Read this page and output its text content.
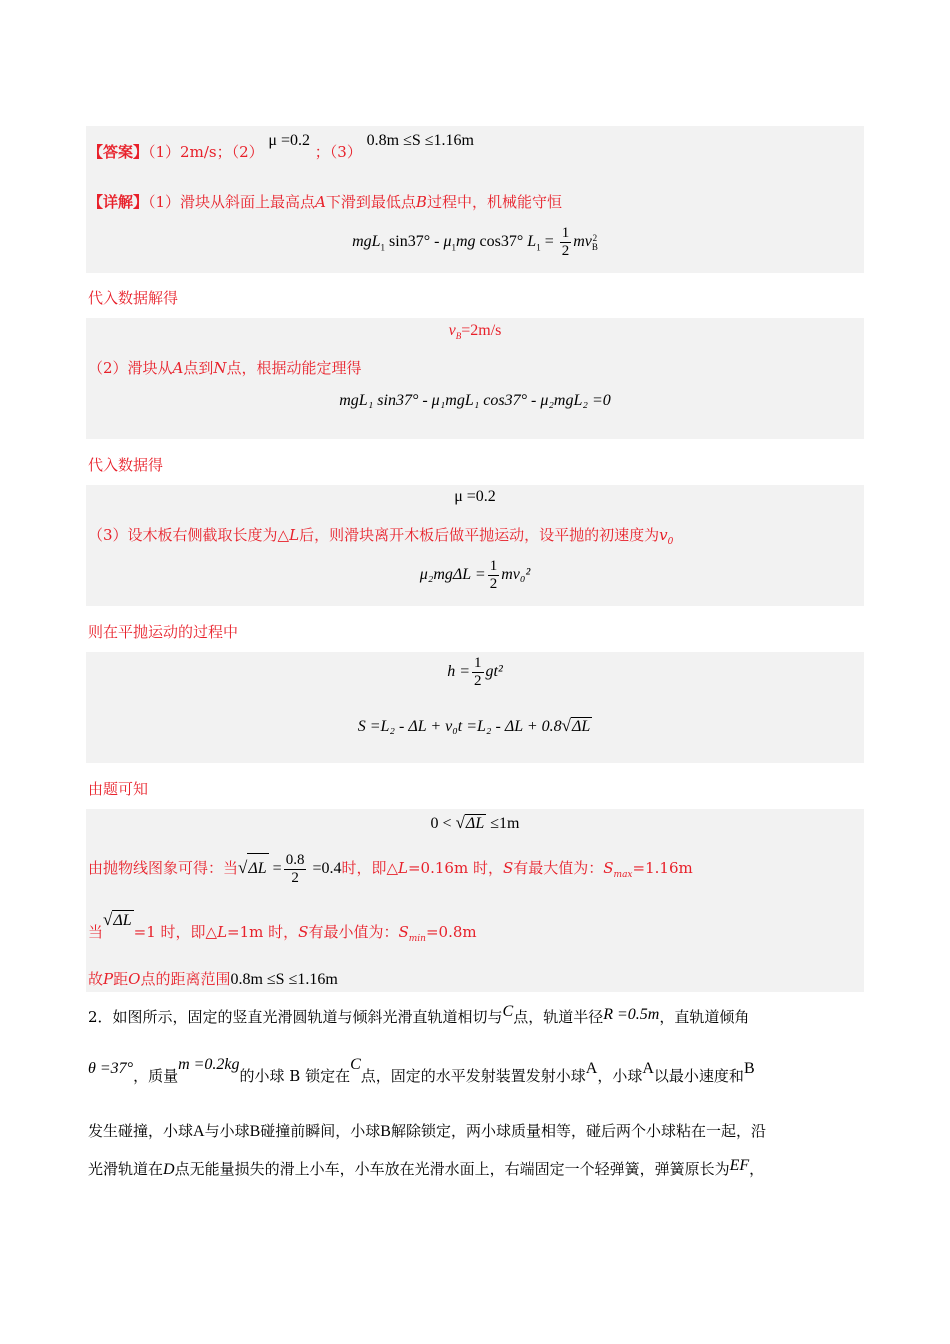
【答案】（1）2m/s；（2） μ =0.2 ；（3） 0.8m ≤S ≤1.16m
【详解】（1）滑块从斜面上最高点A下滑到最低点B过程中，机械能守恒
mgL$_1$ $\sin 37^\circ - \mu_1mg$ cos37° $L_1 = \frac{1}{2}$ mv 2
B
代入数据解得
$v_B=2m/s$
（2）滑块从A点到N点，根据动能定理得
mgL₁ sin37° - μ₁mgL₁ cos37° - μ₂mgL₂ =0
代入数据得
μ =0.2
（3）设木板右侧截取长度为△L后，则滑块离开木板后做平抛运动，设平抛的初速度为$v_0$
$\mu_2mg\Delta L = \frac{1}{2} mv_0^2$
则在平抛运动的过程中
$h = \frac{1}{2} gt^2$
S =L₂ - ΔL + v₀t =L₂ - ΔL + 0.8√ΔL
由题可知
0 < √ΔL ≤1m
由抛物线图象可得：当$√\Delta L = \frac{0.8}{2} =0.4$时，即△L=0.16m 时，S有最大值为：$S_{max}=1.16m$
当√ΔL=1 时，即△L=1m 时，S有最小值为：$S_{min}=0.8m$
故P距O点的距离范围0.8m ≤S ≤1.16m
2．如图所示，固定的竖直光滑圆轨道与倾斜光滑直轨道相切与C点，轨道半径R =0.5m，直轨道倾角
θ =37°，质量m =0.2kg的小球 B 锁定在C点，固定的水平发射装置发射小球A，小球A以最小速度和B
发生碰撞，小球A与小球B碰撞前瞬间，小球B解除锁定，两小球质量相等，碰后两个小球粘在一起，沿
光滑轨道在D点无能量损失的滑上小车，小车放在光滑水面上，右端固定一个轻弹簧，弹簧原长为EF，
